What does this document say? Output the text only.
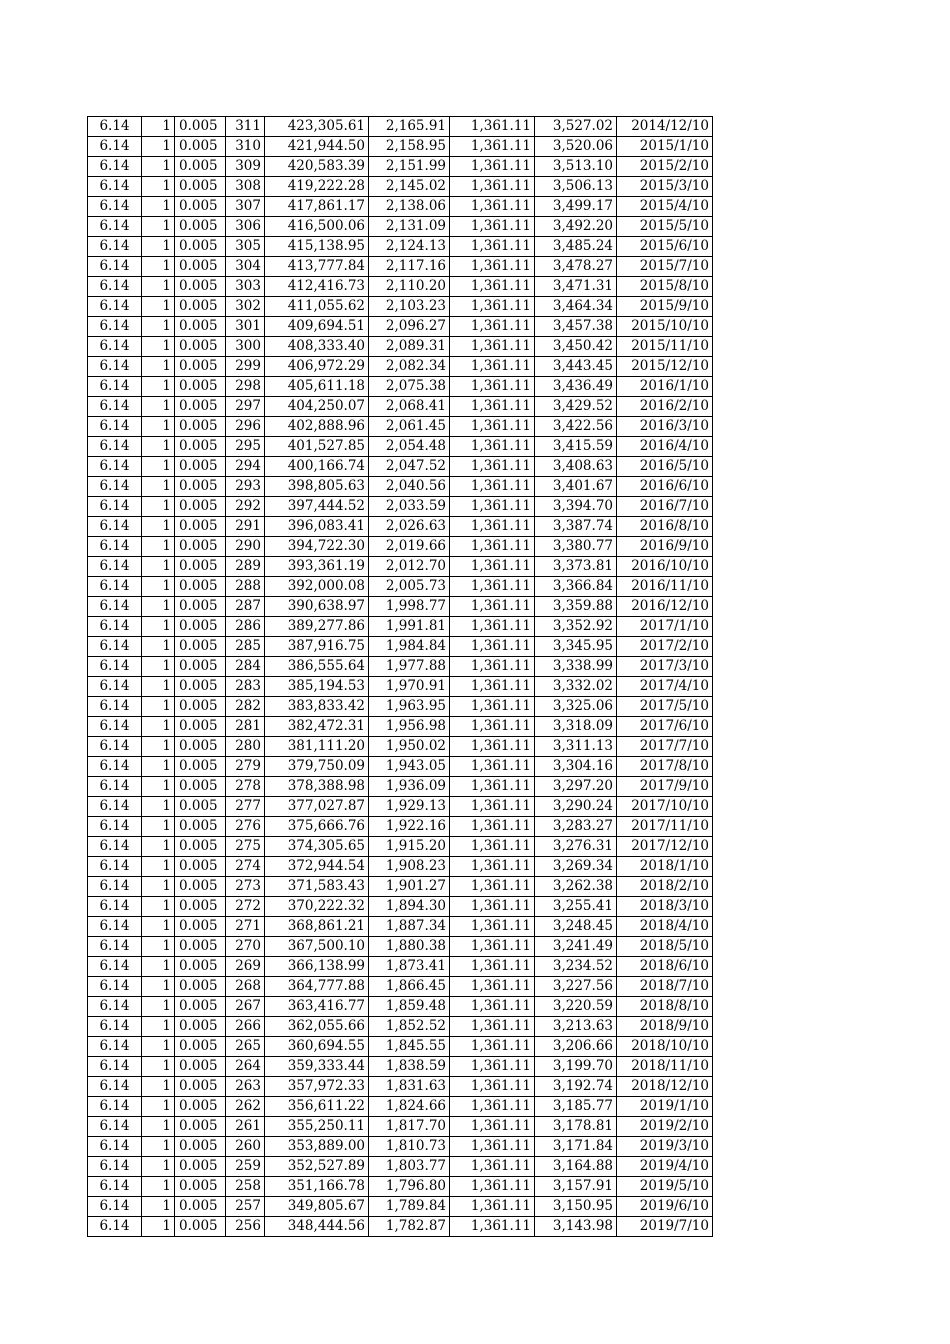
6.14	1	0.005	311	423,305.61	2,165.91	1,361.11	3,527.02	2014/12/10
6.14	1	0.005	310	421,944.50	2,158.95	1,361.11	3,520.06	2015/1/10
6.14	1	0.005	309	420,583.39	2,151.99	1,361.11	3,513.10	2015/2/10
6.14	1	0.005	308	419,222.28	2,145.02	1,361.11	3,506.13	2015/3/10
6.14	1	0.005	307	417,861.17	2,138.06	1,361.11	3,499.17	2015/4/10
6.14	1	0.005	306	416,500.06	2,131.09	1,361.11	3,492.20	2015/5/10
6.14	1	0.005	305	415,138.95	2,124.13	1,361.11	3,485.24	2015/6/10
6.14	1	0.005	304	413,777.84	2,117.16	1,361.11	3,478.27	2015/7/10
6.14	1	0.005	303	412,416.73	2,110.20	1,361.11	3,471.31	2015/8/10
6.14	1	0.005	302	411,055.62	2,103.23	1,361.11	3,464.34	2015/9/10
6.14	1	0.005	301	409,694.51	2,096.27	1,361.11	3,457.38	2015/10/10
6.14	1	0.005	300	408,333.40	2,089.31	1,361.11	3,450.42	2015/11/10
6.14	1	0.005	299	406,972.29	2,082.34	1,361.11	3,443.45	2015/12/10
6.14	1	0.005	298	405,611.18	2,075.38	1,361.11	3,436.49	2016/1/10
6.14	1	0.005	297	404,250.07	2,068.41	1,361.11	3,429.52	2016/2/10
6.14	1	0.005	296	402,888.96	2,061.45	1,361.11	3,422.56	2016/3/10
6.14	1	0.005	295	401,527.85	2,054.48	1,361.11	3,415.59	2016/4/10
6.14	1	0.005	294	400,166.74	2,047.52	1,361.11	3,408.63	2016/5/10
6.14	1	0.005	293	398,805.63	2,040.56	1,361.11	3,401.67	2016/6/10
6.14	1	0.005	292	397,444.52	2,033.59	1,361.11	3,394.70	2016/7/10
6.14	1	0.005	291	396,083.41	2,026.63	1,361.11	3,387.74	2016/8/10
6.14	1	0.005	290	394,722.30	2,019.66	1,361.11	3,380.77	2016/9/10
6.14	1	0.005	289	393,361.19	2,012.70	1,361.11	3,373.81	2016/10/10
6.14	1	0.005	288	392,000.08	2,005.73	1,361.11	3,366.84	2016/11/10
6.14	1	0.005	287	390,638.97	1,998.77	1,361.11	3,359.88	2016/12/10
6.14	1	0.005	286	389,277.86	1,991.81	1,361.11	3,352.92	2017/1/10
6.14	1	0.005	285	387,916.75	1,984.84	1,361.11	3,345.95	2017/2/10
6.14	1	0.005	284	386,555.64	1,977.88	1,361.11	3,338.99	2017/3/10
6.14	1	0.005	283	385,194.53	1,970.91	1,361.11	3,332.02	2017/4/10
6.14	1	0.005	282	383,833.42	1,963.95	1,361.11	3,325.06	2017/5/10
6.14	1	0.005	281	382,472.31	1,956.98	1,361.11	3,318.09	2017/6/10
6.14	1	0.005	280	381,111.20	1,950.02	1,361.11	3,311.13	2017/7/10
6.14	1	0.005	279	379,750.09	1,943.05	1,361.11	3,304.16	2017/8/10
6.14	1	0.005	278	378,388.98	1,936.09	1,361.11	3,297.20	2017/9/10
6.14	1	0.005	277	377,027.87	1,929.13	1,361.11	3,290.24	2017/10/10
6.14	1	0.005	276	375,666.76	1,922.16	1,361.11	3,283.27	2017/11/10
6.14	1	0.005	275	374,305.65	1,915.20	1,361.11	3,276.31	2017/12/10
6.14	1	0.005	274	372,944.54	1,908.23	1,361.11	3,269.34	2018/1/10
6.14	1	0.005	273	371,583.43	1,901.27	1,361.11	3,262.38	2018/2/10
6.14	1	0.005	272	370,222.32	1,894.30	1,361.11	3,255.41	2018/3/10
6.14	1	0.005	271	368,861.21	1,887.34	1,361.11	3,248.45	2018/4/10
6.14	1	0.005	270	367,500.10	1,880.38	1,361.11	3,241.49	2018/5/10
6.14	1	0.005	269	366,138.99	1,873.41	1,361.11	3,234.52	2018/6/10
6.14	1	0.005	268	364,777.88	1,866.45	1,361.11	3,227.56	2018/7/10
6.14	1	0.005	267	363,416.77	1,859.48	1,361.11	3,220.59	2018/8/10
6.14	1	0.005	266	362,055.66	1,852.52	1,361.11	3,213.63	2018/9/10
6.14	1	0.005	265	360,694.55	1,845.55	1,361.11	3,206.66	2018/10/10
6.14	1	0.005	264	359,333.44	1,838.59	1,361.11	3,199.70	2018/11/10
6.14	1	0.005	263	357,972.33	1,831.63	1,361.11	3,192.74	2018/12/10
6.14	1	0.005	262	356,611.22	1,824.66	1,361.11	3,185.77	2019/1/10
6.14	1	0.005	261	355,250.11	1,817.70	1,361.11	3,178.81	2019/2/10
6.14	1	0.005	260	353,889.00	1,810.73	1,361.11	3,171.84	2019/3/10
6.14	1	0.005	259	352,527.89	1,803.77	1,361.11	3,164.88	2019/4/10
6.14	1	0.005	258	351,166.78	1,796.80	1,361.11	3,157.91	2019/5/10
6.14	1	0.005	257	349,805.67	1,789.84	1,361.11	3,150.95	2019/6/10
6.14	1	0.005	256	348,444.56	1,782.87	1,361.11	3,143.98	2019/7/10
